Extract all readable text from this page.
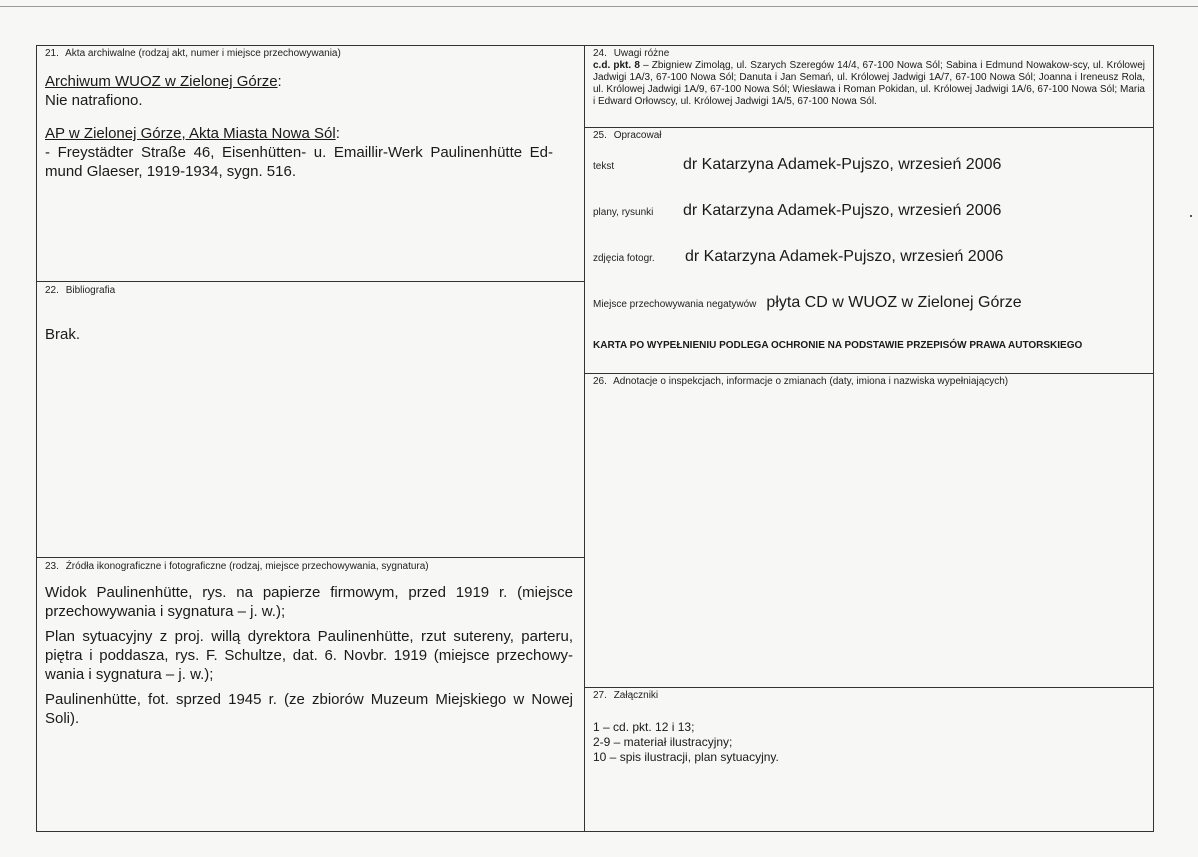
21. Akta archiwalne (rodzaj akt, numer i miejsce przechowywania)
Archiwum WUOZ w Zielonej Górze:
Nie natrafiono.
AP w Zielonej Górze, Akta Miasta Nowa Sól:
- Freystädter Straße 46, Eisenhütten- u. Emaillir-Werk Paulinenhütte Ed-mund Glaeser, 1919-1934, sygn. 516.
22. Bibliografia
Brak.
23. Źródła ikonograficzne i fotograficzne (rodzaj, miejsce przechowywania, sygnatura)
Widok Paulinenhütte, rys. na papierze firmowym, przed 1919 r. (miejsce przechowywania i sygnatura – j. w.);
Plan sytuacyjny z proj. willą dyrektora Paulinenhütte, rzut sutereny, parteru, piętra i poddasza, rys. F. Schultze, dat. 6. Novbr. 1919 (miejsce przechowy-wania i sygnatura – j. w.);
Paulinenhütte, fot. sprzed 1945 r. (ze zbiorów Muzeum Miejskiego w Nowej Soli).
24. Uwagi różne
c.d. pkt. 8 – Zbigniew Zimoląg, ul. Szarych Szeregów 14/4, 67-100 Nowa Sól; Sabina i Edmund Nowakow-scy, ul. Królowej Jadwigi 1A/3, 67-100 Nowa Sól; Danuta i Jan Semań, ul. Królowej Jadwigi 1A/7, 67-100 Nowa Sól; Joanna i Ireneusz Rola, ul. Królowej Jadwigi 1A/9, 67-100 Nowa Sól; Wiesława i Roman Pokidan, ul. Królowej Jadwigi 1A/6, 67-100 Nowa Sól; Maria i Edward Orłowscy, ul. Królowej Jadwigi 1A/5, 67-100 Nowa Sól.
25. Opracował
tekst	dr Katarzyna Adamek-Pujszo, wrzesień 2006
plany, rysunki	dr Katarzyna Adamek-Pujszo, wrzesień 2006
zdjęcia fotogr.	dr Katarzyna Adamek-Pujszo, wrzesień 2006
Miejsce przechowywania negatywów płyta CD w WUOZ w Zielonej Górze
KARTA PO WYPEŁNIENIU PODLEGA OCHRONIE NA PODSTAWIE PRZEPISÓW PRAWA AUTORSKIEGO
26. Adnotacje o inspekcjach, informacje o zmianach (daty, imiona i nazwiska wypełniających)
27. Załączniki
1 – cd. pkt. 12 i 13;
2-9 – materiał ilustracyjny;
10 – spis ilustracji, plan sytuacyjny.
